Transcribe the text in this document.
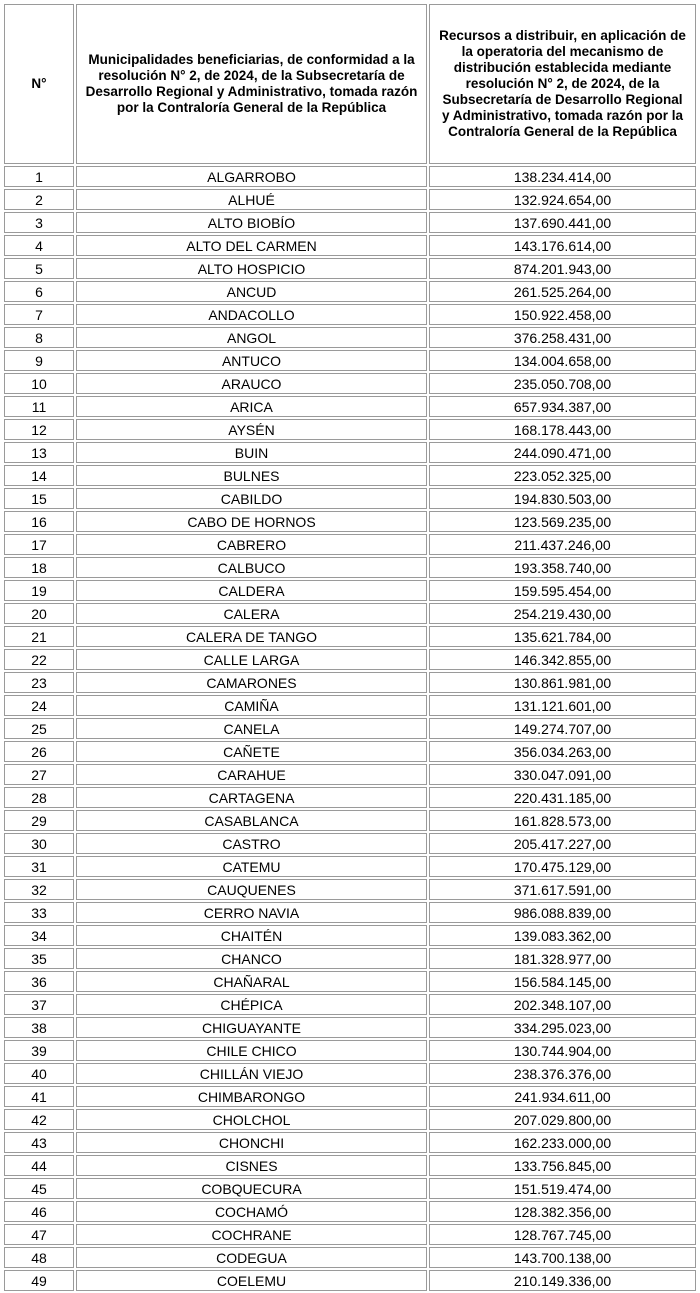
N°	Municipalidades beneficiarias, de conformidad a la resolución N° 2, de 2024, de la Subsecretaría de Desarrollo Regional y Administrativo, tomada razón por la Contraloría General de la República	Recursos a distribuir, en aplicación de la operatoria del mecanismo de distribución establecida mediante resolución N° 2, de 2024, de la Subsecretaría de Desarrollo Regional y Administrativo, tomada razón por la Contraloría General de la República
1	ALGARROBO	138.234.414,00
2	ALHUÉ	132.924.654,00
3	ALTO BIOBÍO	137.690.441,00
4	ALTO DEL CARMEN	143.176.614,00
5	ALTO HOSPICIO	874.201.943,00
6	ANCUD	261.525.264,00
7	ANDACOLLO	150.922.458,00
8	ANGOL	376.258.431,00
9	ANTUCO	134.004.658,00
10	ARAUCO	235.050.708,00
11	ARICA	657.934.387,00
12	AYSÉN	168.178.443,00
13	BUIN	244.090.471,00
14	BULNES	223.052.325,00
15	CABILDO	194.830.503,00
16	CABO DE HORNOS	123.569.235,00
17	CABRERO	211.437.246,00
18	CALBUCO	193.358.740,00
19	CALDERA	159.595.454,00
20	CALERA	254.219.430,00
21	CALERA DE TANGO	135.621.784,00
22	CALLE LARGA	146.342.855,00
23	CAMARONES	130.861.981,00
24	CAMIÑA	131.121.601,00
25	CANELA	149.274.707,00
26	CAÑETE	356.034.263,00
27	CARAHUE	330.047.091,00
28	CARTAGENA	220.431.185,00
29	CASABLANCA	161.828.573,00
30	CASTRO	205.417.227,00
31	CATEMU	170.475.129,00
32	CAUQUENES	371.617.591,00
33	CERRO NAVIA	986.088.839,00
34	CHAITÉN	139.083.362,00
35	CHANCO	181.328.977,00
36	CHAÑARAL	156.584.145,00
37	CHÉPICA	202.348.107,00
38	CHIGUAYANTE	334.295.023,00
39	CHILE CHICO	130.744.904,00
40	CHILLÁN VIEJO	238.376.376,00
41	CHIMBARONGO	241.934.611,00
42	CHOLCHOL	207.029.800,00
43	CHONCHI	162.233.000,00
44	CISNES	133.756.845,00
45	COBQUECURA	151.519.474,00
46	COCHAMÓ	128.382.356,00
47	COCHRANE	128.767.745,00
48	CODEGUA	143.700.138,00
49	COELEMU	210.149.336,00
